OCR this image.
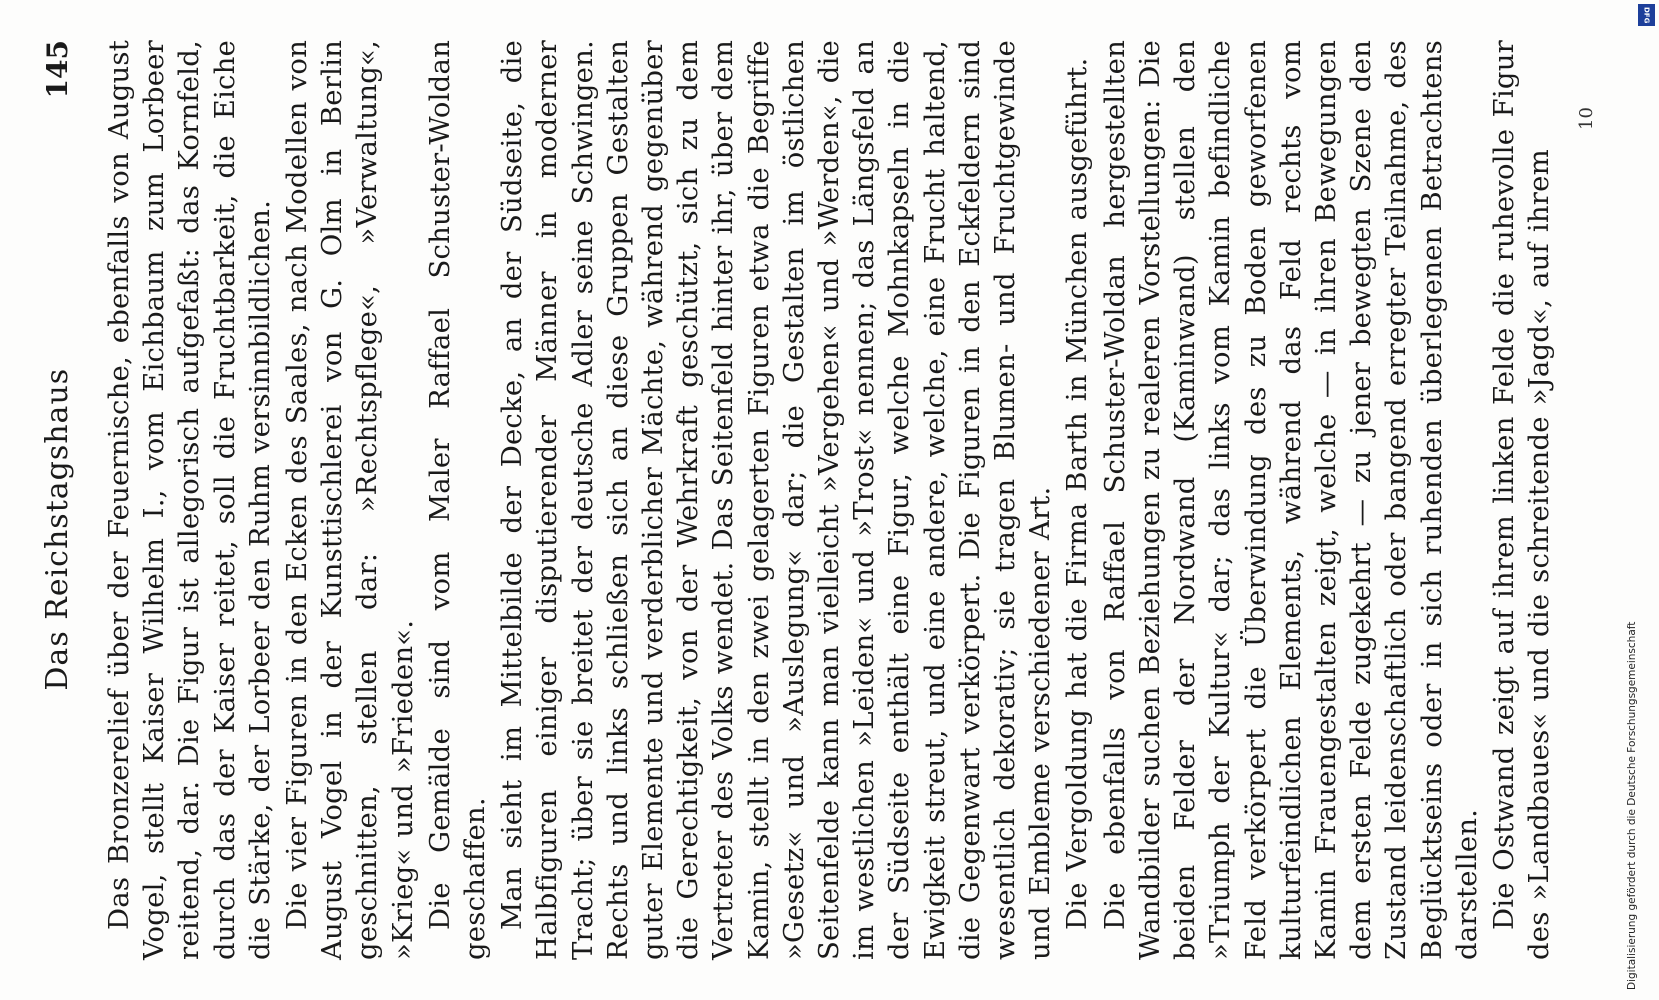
Das Reichstagshaus
145 Das Bronzerelief über der Feuernische, ebenfalls von August Vogel, stellt Kaiser Wilhelm I., vom Eichbaum zum Lorbeer reitend, dar. Die Figur ist allegorisch aufgefaßt: das Kornfeld, durch das der Kaiser reitet, soll die Fruchtbarkeit, die Eiche die Stärke, der Lorbeer den Ruhm versinnbildlichen. Die vier Figuren in den Ecken des Saales, nach Modellen von August Vogel in der Kunsttischlerei von G. Olm in Berlin geschnitten, stellen dar: »Rechtspflege«, »Verwaltung«, »Krieg« und »Frieden«. Die Gemälde sind vom Maler Raffael Schuster-Woldan geschaffen. Man sieht im Mittelbilde der Decke, an der Südseite, die Halbfiguren einiger disputierender Männer in moderner Tracht; über sie breitet der deutsche Adler seine Schwingen. Rechts und links schließen sich an diese Gruppen Gestalten guter Elemente und verderblicher Mächte, während gegenüber die Gerechtigkeit, von der Wehrkraft geschützt, sich zu dem Vertreter des Volks wendet. Das Seitenfeld hinter ihr, über dem Kamin, stellt in den zwei gelagerten Figuren etwa die Begriffe »Gesetz« und »Auslegung« dar; die Gestalten im östlichen Seitenfelde kann man vielleicht »Vergehen« und »Werden«, die im westlichen »Leiden« und »Trost« nennen; das Längsfeld an der Südseite enthält eine Figur, welche Mohnkapseln in die Ewigkeit streut, und eine andere, welche, eine Frucht haltend, die Gegenwart verkörpert. Die Figuren in den Eckfeldern sind wesentlich dekorativ; sie tragen Blumen- und Fruchtgewinde und Embleme verschiedener Art. Die Vergoldung hat die Firma Barth in München ausgeführt. Die ebenfalls von Raffael Schuster-Woldan hergestellten Wandbilder suchen Beziehungen zu realeren Vorstellungen: Die beiden Felder der Nordwand (Kaminwand) stellen den »Triumph der Kultur« dar; das links vom Kamin befindliche Feld verkörpert die Überwindung des zu Boden geworfenen kulturfeindlichen Elements, während das Feld rechts vom Kamin Frauengestalten zeigt, welche — in ihren Bewegungen dem ersten Felde zugekehrt — zu jener bewegten Szene den Zustand leidenschaftlich oder bangend erregter Teilnahme, des Beglücktseins oder in sich ruhenden überlegenen Betrachtens darstellen. Die Ostwand zeigt auf ihrem linken Felde die ruhevolle Figur des »Landbaues« und die schreitende »Jagd«, auf ihrem

10
Digitalisierung gefördert durch die Deutsche Forschungsgemeinschaft
DFG
